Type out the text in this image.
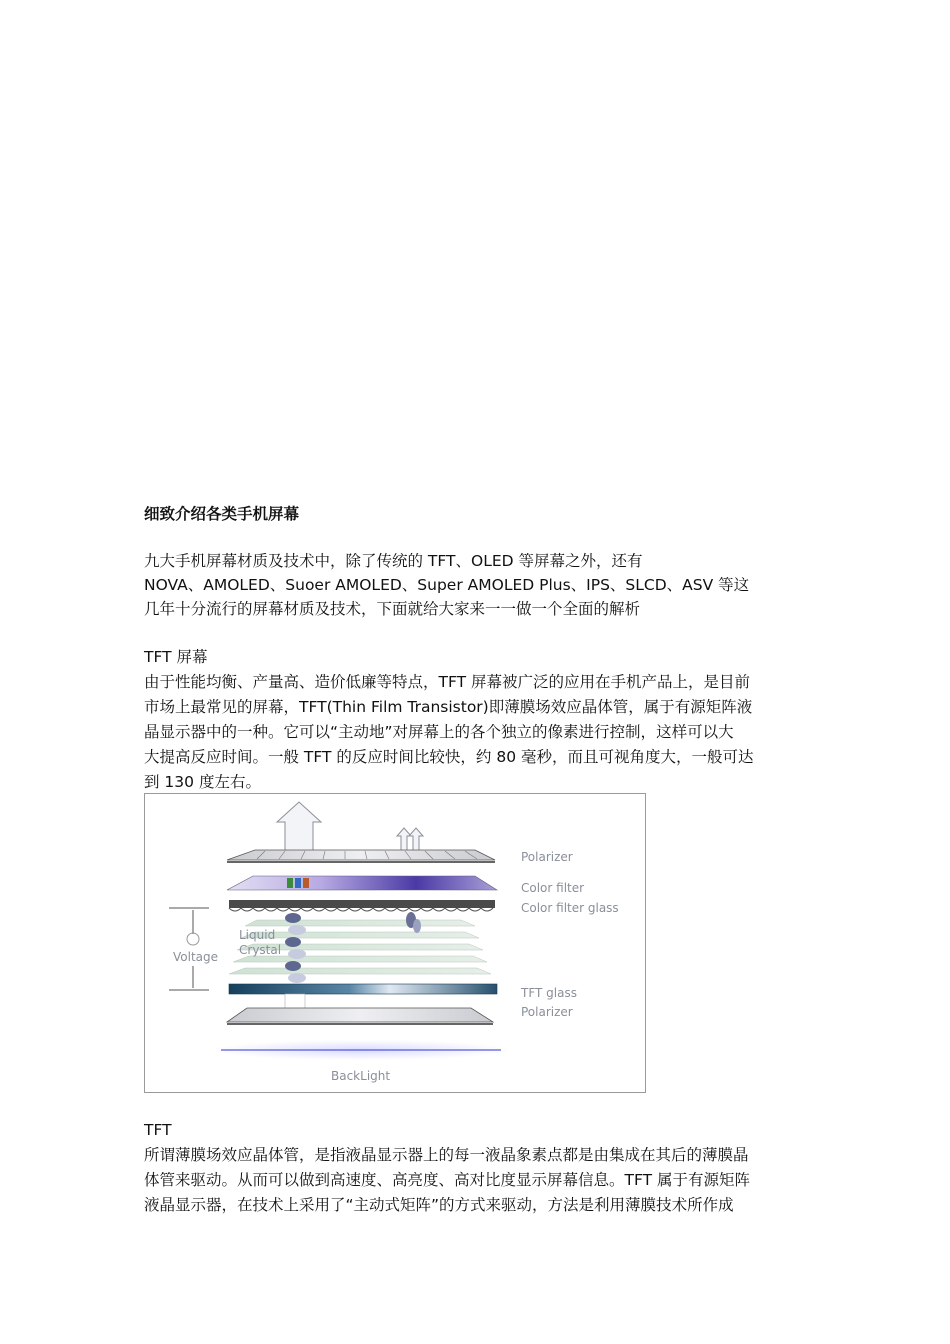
细致介绍各类手机屏幕
九大手机屏幕材质及技术中，除了传统的 TFT、OLED 等屏幕之外，还有
NOVA、AMOLED、Suoer AMOLED、Super AMOLED Plus、IPS、SLCD、ASV 等这
几年十分流行的屏幕材质及技术，下面就给大家来一一做一个全面的解析
TFT 屏幕
由于性能均衡、产量高、造价低廉等特点，TFT 屏幕被广泛的应用在手机产品上，是目前
市场上最常见的屏幕，TFT(Thin Film Transistor)即薄膜场效应晶体管，属于有源矩阵液
晶显示器中的一种。它可以“主动地”对屏幕上的各个独立的像素进行控制，这样可以大
大提高反应时间。一般 TFT 的反应时间比较快，约 80 毫秒，而且可视角度大，一般可达
到 130 度左右。
Polarizer
Color filter
Color filter glass
Liquid
Crystal
Voltage
TFT glass
Polarizer
BackLight
TFT
所谓薄膜场效应晶体管，是指液晶显示器上的每一液晶象素点都是由集成在其后的薄膜晶
体管来驱动。从而可以做到高速度、高亮度、高对比度显示屏幕信息。TFT 属于有源矩阵
液晶显示器，在技术上采用了“主动式矩阵”的方式来驱动，方法是利用薄膜技术所作成
